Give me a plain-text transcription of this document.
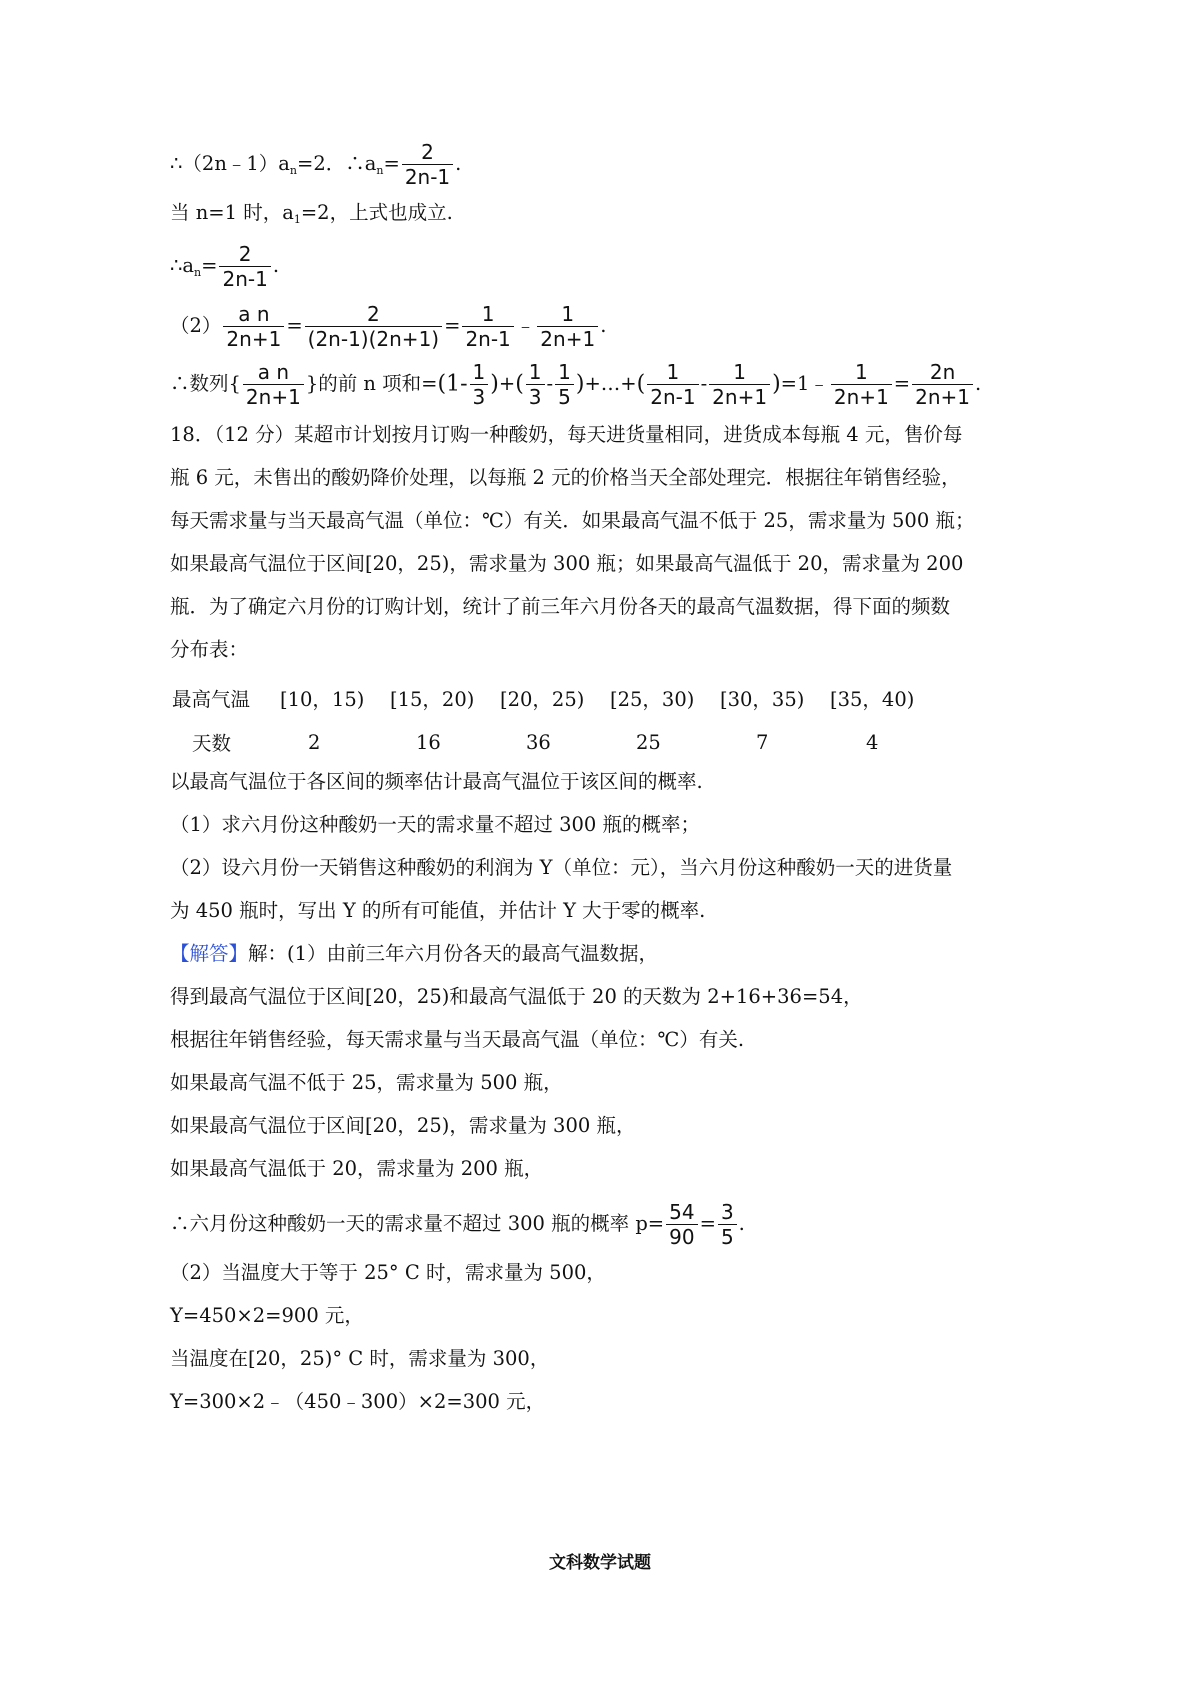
$\therefore(2n﹣1)a_n=2$．$\therefore a_n= \frac{2}{2n-1}$ .
当 n=1 时，$a_1=2$，上式也成立.
$\therefore a_n= \frac{2}{2n-1}$ .
$(2) \frac{\text{a n}}{2n+1} = \frac{2}{(2n-1)(2n+1)} = \frac{1}{2n-1}$ ﹣ $\frac{1}{2n+1}$ .
∴数列{ $\frac{\text{a n}}{2n+1}$ }的前 n 项和$=(1- \frac{1}{3}$ )+( $\frac{1}{3} - \frac{1}{5}$ )+…+( $\frac{1}{2n-1} - \frac{1}{2n+1}$ )=1﹣ $\frac{1}{2n+1} = \frac{2n}{2n+1}$ .
18．（12 分）某超市计划按月订购一种酸奶，每天进货量相同，进货成本每瓶 4 元，售价每
瓶 6 元，未售出的酸奶降价处理，以每瓶 2 元的价格当天全部处理完．根据往年销售经验，
每天需求量与当天最高气温（单位：℃）有关．如果最高气温不低于 25，需求量为 500 瓶；
如果最高气温位于区间[20，25)，需求量为 300 瓶；如果最高气温低于 20，需求量为 200
瓶．为了确定六月份的订购计划，统计了前三年六月份各天的最高气温数据，得下面的频数
分布表：
最高气温	[10，15)	[15，20)	[20，25)	[25，30)	[30，35)	[35，40)
天数	2	16	36	25	7	4
以最高气温位于各区间的频率估计最高气温位于该区间的概率.
（1）求六月份这种酸奶一天的需求量不超过 300 瓶的概率；
（2）设六月份一天销售这种酸奶的利润为 Y（单位：元），当六月份这种酸奶一天的进货量
为 450 瓶时，写出 Y 的所有可能值，并估计 Y 大于零的概率.
【解答】解：(1）由前三年六月份各天的最高气温数据，
得到最高气温位于区间[20，25)和最高气温低于 20 的天数为 2+16+36=54，
根据往年销售经验，每天需求量与当天最高气温（单位：℃）有关.
如果最高气温不低于 25，需求量为 500 瓶，
如果最高气温位于区间[20，25)，需求量为 300 瓶，
如果最高气温低于 20，需求量为 200 瓶，
∴六月份这种酸奶一天的需求量不超过 300 瓶的概率 $p= \frac{54}{90} = \frac{3}{5}$ .
（2）当温度大于等于 25° C 时，需求量为 500，
Y=450×2=900 元，
当温度在[20，25)° C 时，需求量为 300，
Y=300×2﹣（450﹣300）×2=300 元，
文科数学试题
